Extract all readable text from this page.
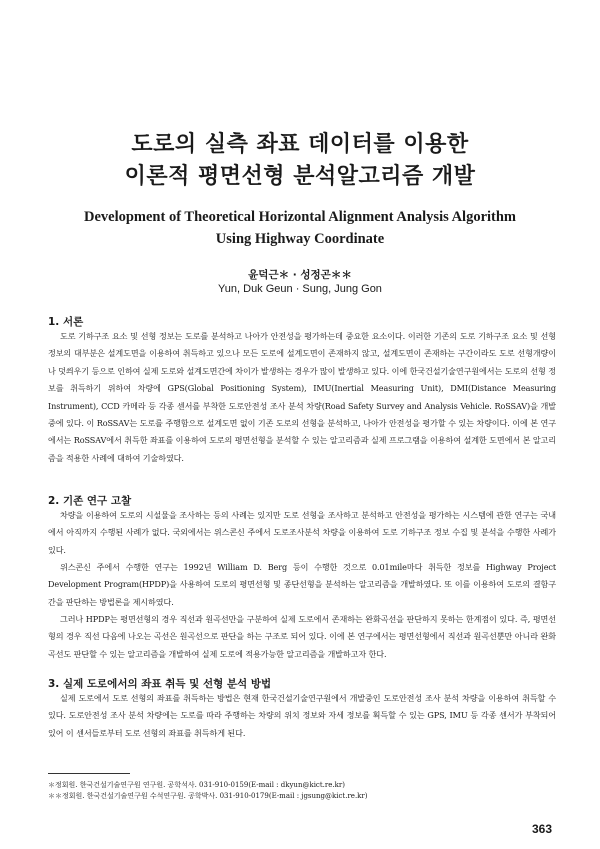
도로의 실측 좌표 데이터를 이용한
이론적 평면선형 분석알고리즘 개발
Development of Theoretical Horizontal Alignment Analysis Algorithm
Using Highway Coordinate
윤덕근＊ · 성정곤＊＊
Yun, Duk Geun · Sung, Jung Gon
1. 서론
도로 기하구조 요소 및 선형 정보는 도로를 분석하고 나아가 안전성을 평가하는데 중요한 요소이다. 이러한 기존의 도로 기하구조 요소 및 선형 정보의 대부분은 설계도면을 이용하여 취득하고 있으나 모든 도로에 설계도면이 존재하지 않고, 설계도면이 존재하는 구간이라도 도로 선형개량이나 덧씌우기 등으로 인하여 실제 도로와 설계도면간에 차이가 발생하는 경우가 많이 발생하고 있다. 이에 한국건설기술연구원에서는 도로의 선형 정보를 취득하기 위하여 차량에 GPS(Global Positioning System), IMU(Inertial Measuring Unit), DMI(Distance Measuring Instrument), CCD 카메라 등 각종 센서를 부착한 도로안전성 조사 분석 차량(Road Safety Survey and Analysis Vehicle. RoSSAV)을 개발 중에 있다. 이 RoSSAV는 도로를 주행함으로 설계도면 없이 기존 도로의 선형을 분석하고, 나아가 안전성을 평가할 수 있는 차량이다. 이에 본 연구에서는 RoSSAV에서 취득한 좌표를 이용하여 도로의 평면선형을 분석할 수 있는 알고리즘과 실제 프로그램을 이용하여 설계한 도면에서 본 알고리즘을 적용한 사례에 대하여 기술하였다.
2. 기존 연구 고찰
차량을 이용하여 도로의 시설물을 조사하는 등의 사례는 있지만 도로 선형을 조사하고 분석하고 안전성을 평가하는 시스템에 관한 연구는 국내에서 아직까지 수행된 사례가 없다. 국외에서는 위스콘신 주에서 도로조사분석 차량을 이용하여 도로 기하구조 정보 수집 및 분석을 수행한 사례가 있다.
위스콘신 주에서 수행한 연구는 1992년 William D. Berg 등이 수행한 것으로 0.01mile마다 취득한 정보를 Highway Project Development Program(HPDP)을 사용하여 도로의 평면선형 및 종단선형을 분석하는 알고리즘을 개발하였다. 또 이를 이용하여 도로의 결함구간을 판단하는 방법론을 제시하였다.
그러나 HPDP는 평면선형의 경우 직선과 원곡선만을 구분하여 실제 도로에서 존재하는 완화곡선을 판단하지 못하는 한계점이 있다. 즉, 평면선형의 경우 직선 다음에 나오는 곡선은 원곡선으로 판단을 하는 구조로 되어 있다. 이에 본 연구에서는 평면선형에서 직선과 원곡선뿐만 아니라 완화곡선도 판단할 수 있는 알고리즘을 개발하여 실제 도로에 적용가능한 알고리즘을 개발하고자 한다.
3. 실제 도로에서의 좌표 취득 및 선형 분석 방법
실제 도로에서 도로 선형의 좌표를 취득하는 방법은 현재 한국건설기술연구원에서 개발중인 도로안전성 조사 분석 차량을 이용하여 취득할 수 있다. 도로안전성 조사 분석 차량에는 도로를 따라 주행하는 차량의 위치 정보와 자세 정보를 획득할 수 있는 GPS, IMU 등 각종 센서가 부착되어 있어 이 센서들로부터 도로 선형의 좌표를 취득하게 된다.
＊정회원. 한국건설기술연구원 연구원. 공학석사. 031-910-0159(E-mail : dkyun@kict.re.kr)
＊＊정회원. 한국건설기술연구원 수석연구원. 공학박사. 031-910-0179(E-mail : jgsung@kict.re.kr)
363
